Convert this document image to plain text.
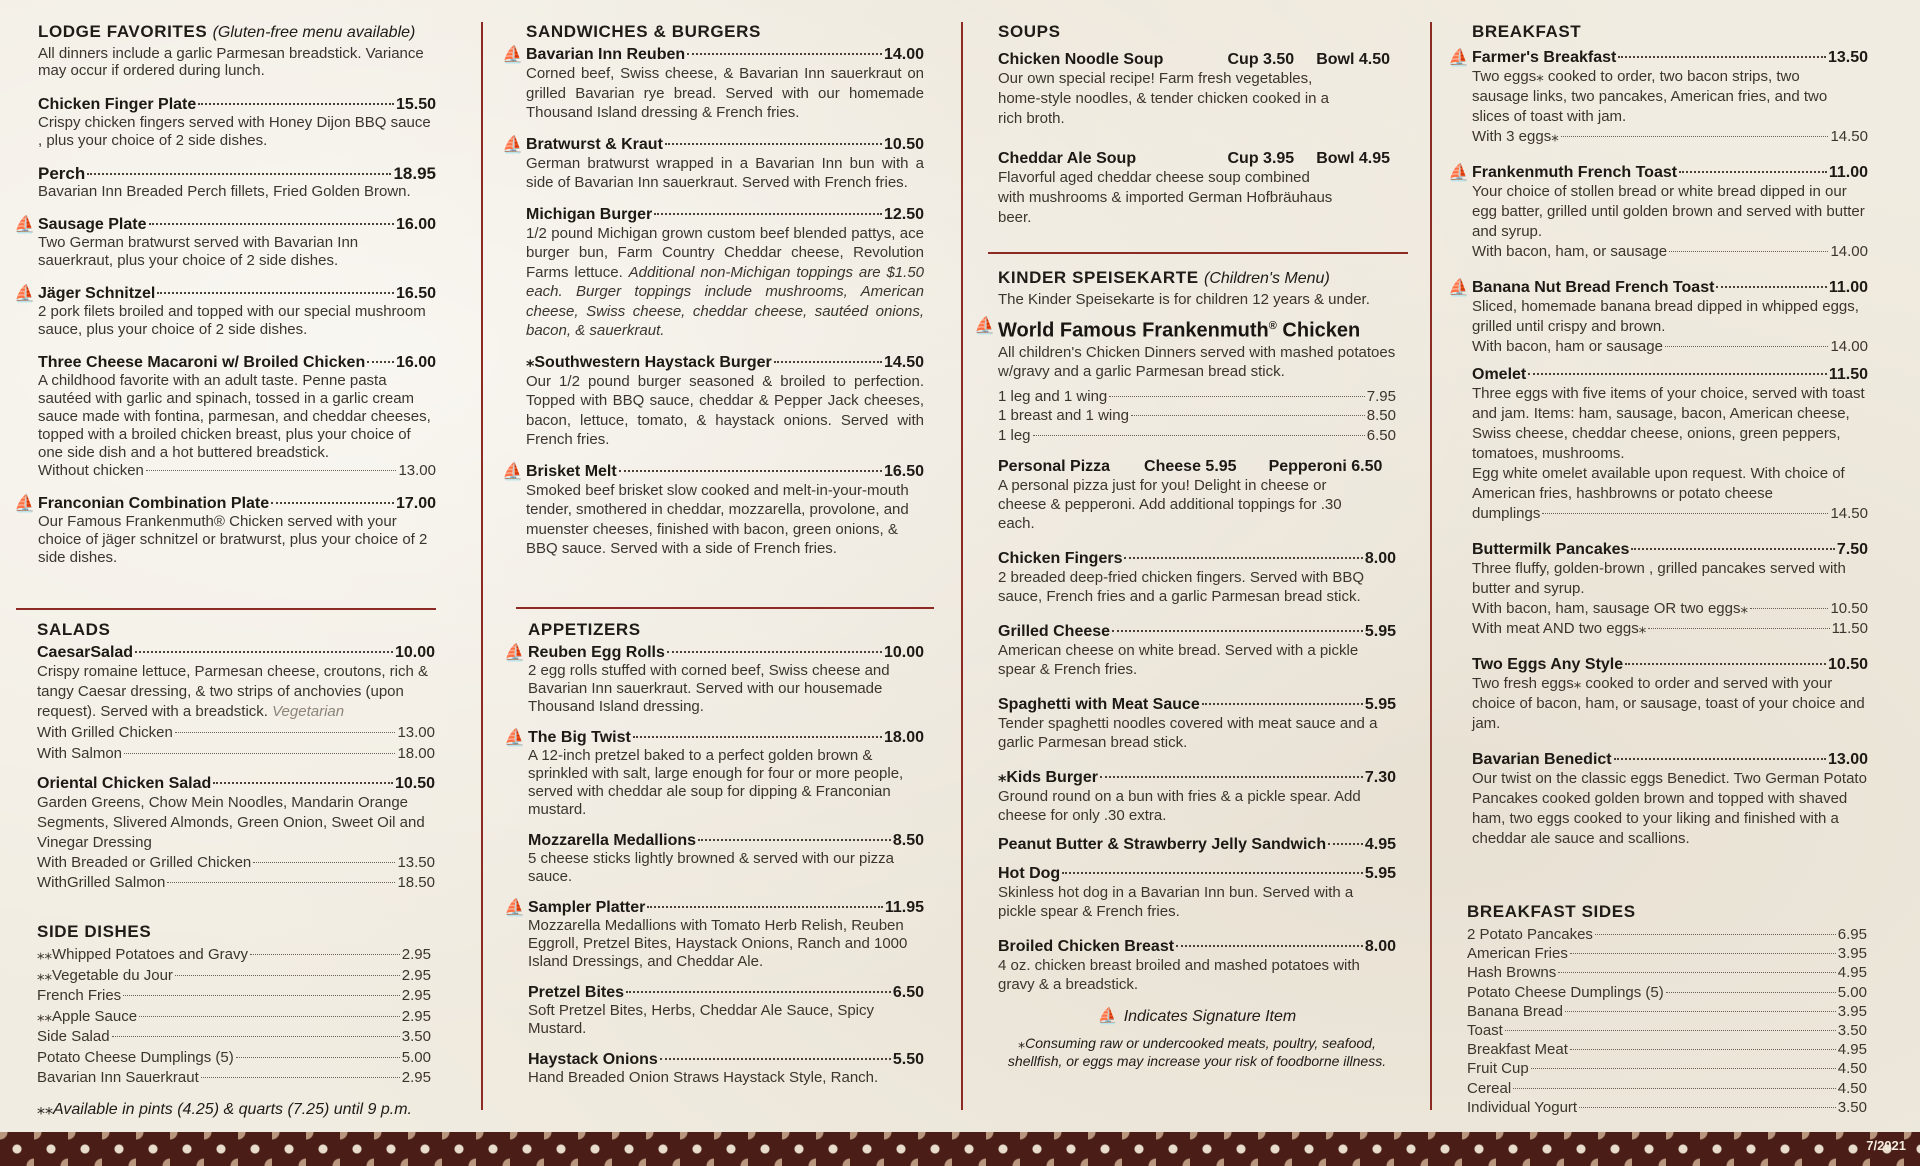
LODGE FAVORITES (Gluten-free menu available)
All dinners include a garlic Parmesan breadstick. Variance may occur if ordered during lunch.
Chicken Finger Plate	15.50
Crispy chicken fingers served with Honey Dijon BBQ sauce , plus your choice of 2 side dishes.
Perch	18.95
Bavarian Inn Breaded Perch fillets, Fried Golden Brown.
⛵ Sausage Plate	16.00
Two German bratwurst served with Bavarian Inn sauerkraut, plus your choice of 2 side dishes.
⛵ Jäger Schnitzel	16.50
2 pork filets broiled and topped with our special mushroom sauce, plus your choice of 2 side dishes.
Three Cheese Macaroni w/ Broiled Chicken 16.00
A childhood favorite with an adult taste. Penne pasta sautéed with garlic and spinach, tossed in a garlic cream sauce made with fontina, parmesan, and cheddar cheeses, topped with a broiled chicken breast, plus your choice of one side dish and a hot buttered breadstick.
Without chicken	13.00
⛵ Franconian Combination Plate	17.00
Our Famous Frankenmuth® Chicken served with your choice of jäger schnitzel or bratwurst, plus your choice of 2 side dishes.
SALADS
CaesarSalad	10.00
Crispy romaine lettuce, Parmesan cheese, croutons, rich & tangy Caesar dressing, & two strips of anchovies (upon request). Served with a breadstick. Vegetarian
With Grilled Chicken	13.00
With Salmon	18.00
Oriental Chicken Salad	10.50
Garden Greens, Chow Mein Noodles, Mandarin Orange Segments, Slivered Almonds, Green Onion, Sweet Oil and Vinegar Dressing
With Breaded or Grilled Chicken	13.50
WithGrilled Salmon	18.50
SIDE DISHES
⁎⁎Whipped Potatoes and Gravy	2.95
⁎⁎Vegetable du Jour	2.95
French Fries	2.95
⁎⁎Apple Sauce	2.95
Side Salad	3.50
Potato Cheese Dumplings (5)	5.00
Bavarian Inn Sauerkraut	2.95
⁎⁎Available in pints (4.25) & quarts (7.25) until 9 p.m.
SANDWICHES & BURGERS
⛵ Bavarian Inn Reuben	14.00
Corned beef, Swiss cheese, & Bavarian Inn sauerkraut on grilled Bavarian rye bread. Served with our homemade Thousand Island dressing & French fries.
⛵ Bratwurst & Kraut	10.50
German bratwurst wrapped in a Bavarian Inn bun with a side of Bavarian Inn sauerkraut. Served with French fries.
Michigan Burger	12.50
1/2 pound Michigan grown custom beef blended pattys, ace burger bun, Farm Country Cheddar cheese, Revolution Farms lettuce. Additional non-Michigan toppings are $1.50 each. Burger toppings include mushrooms, American cheese, Swiss cheese, cheddar cheese, sautéed onions, bacon, & sauerkraut.
⁎Southwestern Haystack Burger	14.50
Our 1/2 pound burger seasoned & broiled to perfection. Topped with BBQ sauce, cheddar & Pepper Jack cheeses, bacon, lettuce, tomato, & haystack onions. Served with French fries.
⛵ Brisket Melt	16.50
Smoked beef brisket slow cooked and melt-in-your-mouth tender, smothered in cheddar, mozzarella, provolone, and muenster cheeses, finished with bacon, green onions, & BBQ sauce. Served with a side of French fries.
APPETIZERS
⛵ Reuben Egg Rolls	10.00
2 egg rolls stuffed with corned beef, Swiss cheese and Bavarian Inn sauerkraut. Served with our housemade Thousand Island dressing.
⛵ The Big Twist	18.00
A 12-inch pretzel baked to a perfect golden brown & sprinkled with salt, large enough for four or more people, served with cheddar ale soup for dipping & Franconian mustard.
Mozzarella Medallions	8.50
5 cheese sticks lightly browned & served with our pizza sauce.
⛵ Sampler Platter	11.95
Mozzarella Medallions with Tomato Herb Relish, Reuben Eggroll, Pretzel Bites, Haystack Onions, Ranch and 1000 Island Dressings, and Cheddar Ale.
Pretzel Bites	6.50
Soft Pretzel Bites, Herbs, Cheddar Ale Sauce, Spicy Mustard.
Haystack Onions	5.50
Hand Breaded Onion Straws Haystack Style, Ranch.
SOUPS
Chicken Noodle Soup	Cup 3.50 Bowl 4.50
Our own special recipe! Farm fresh vegetables, home-style noodles, & tender chicken cooked in a rich broth.
Cheddar Ale Soup	Cup 3.95 Bowl 4.95
Flavorful aged cheddar cheese soup combined with mushrooms & imported German Hofbräuhaus beer.
KINDER SPEISEKARTE (Children's Menu)
The Kinder Speisekarte is for children 12 years & under.
⛵ World Famous Frankenmuth® Chicken
All children's Chicken Dinners served with mashed potatoes w/gravy and a garlic Parmesan bread stick.
1 leg and 1 wing	7.95
1 breast and 1 wing	8.50
1 leg	6.50
Personal Pizza Cheese 5.95 Pepperoni 6.50
A personal pizza just for you! Delight in cheese or cheese & pepperoni. Add additional toppings for .30 each.
Chicken Fingers	8.00
2 breaded deep-fried chicken fingers. Served with BBQ sauce, French fries and a garlic Parmesan bread stick.
Grilled Cheese	5.95
American cheese on white bread. Served with a pickle spear & French fries.
Spaghetti with Meat Sauce	5.95
Tender spaghetti noodles covered with meat sauce and a garlic Parmesan bread stick.
⁎Kids Burger	7.30
Ground round on a bun with fries & a pickle spear. Add cheese for only .30 extra.
Peanut Butter & Strawberry Jelly Sandwich 4.95
Hot Dog	5.95
Skinless hot dog in a Bavarian Inn bun. Served with a pickle spear & French fries.
Broiled Chicken Breast	8.00
4 oz. chicken breast broiled and mashed potatoes with gravy & a breadstick.
⛵ Indicates Signature Item
⁎Consuming raw or undercooked meats, poultry, seafood, shellfish, or eggs may increase your risk of foodborne illness.
BREAKFAST
⛵ Farmer's Breakfast	13.50
Two eggs⁎ cooked to order, two bacon strips, two sausage links, two pancakes, American fries, and two slices of toast with jam.
With 3 eggs⁎	14.50
⛵ Frankenmuth French Toast	11.00
Your choice of stollen bread or white bread dipped in our egg batter, grilled until golden brown and served with butter and syrup.
With bacon, ham, or sausage	14.00
⛵ Banana Nut Bread French Toast	11.00
Sliced, homemade banana bread dipped in whipped eggs, grilled until crispy and brown.
With bacon, ham or sausage	14.00
Omelet	11.50
Three eggs with five items of your choice, served with toast and jam. Items: ham, sausage, bacon, American cheese, Swiss cheese, cheddar cheese, onions, green peppers, tomatoes, mushrooms.
Egg white omelet available upon request. With choice of American fries, hashbrowns or potato cheese
dumplings	14.50
Buttermilk Pancakes	7.50
Three fluffy, golden-brown , grilled pancakes served with butter and syrup.
With bacon, ham, sausage OR two eggs⁎	10.50
With meat AND two eggs⁎	11.50
Two Eggs Any Style	10.50
Two fresh eggs⁎ cooked to order and served with your choice of bacon, ham, or sausage, toast of your choice and jam.
Bavarian Benedict	13.00
Our twist on the classic eggs Benedict. Two German Potato Pancakes cooked golden brown and topped with shaved ham, two eggs cooked to your liking and finished with a cheddar ale sauce and scallions.
BREAKFAST SIDES
2 Potato Pancakes	6.95
American Fries	3.95
Hash Browns	4.95
Potato Cheese Dumplings (5)	5.00
Banana Bread	3.95
Toast	3.50
Breakfast Meat	4.95
Fruit Cup	4.50
Cereal	4.50
Individual Yogurt	3.50
7/2021
